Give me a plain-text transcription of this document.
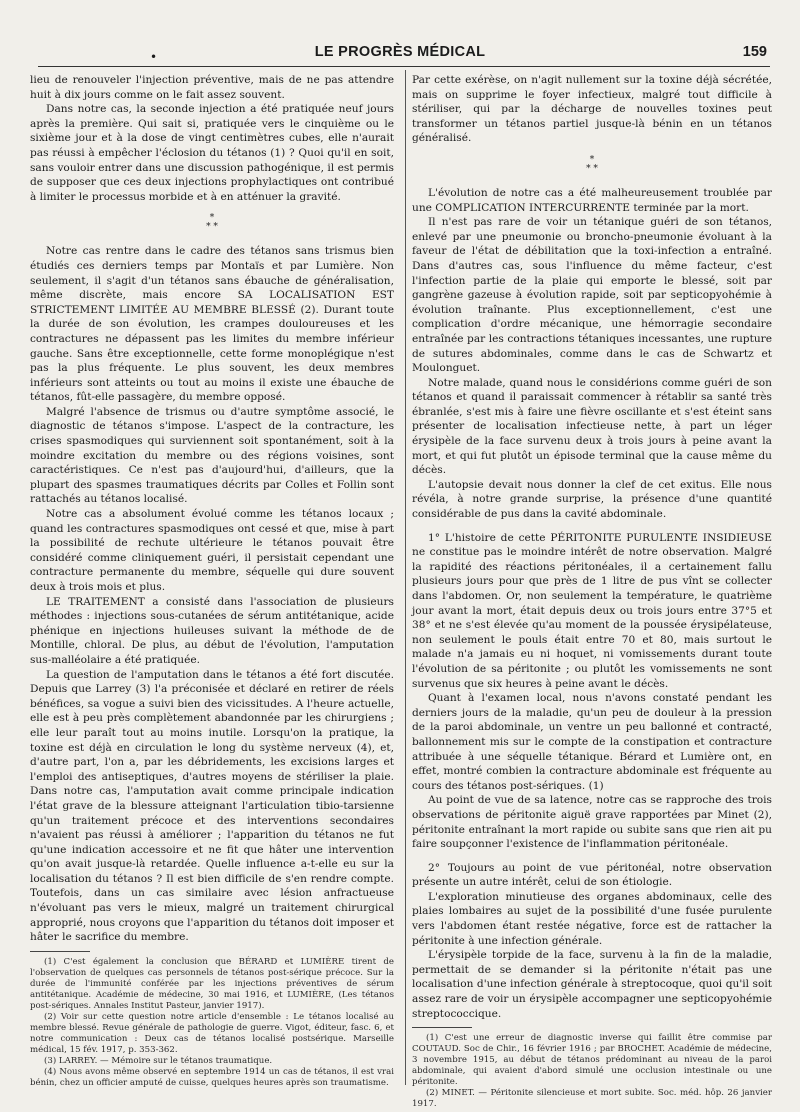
•	LE PROGRÈS MÉDICAL	159

lieu de renouveler l'injection préventive, mais de ne pas attendre huit à dix jours comme on le fait assez souvent.

Dans notre cas, la seconde injection a été pratiquée neuf jours après la première. Qui sait si, pratiquée vers le cinquième ou le sixième jour et à la dose de vingt centimètres cubes, elle n'aurait pas réussi à empêcher l'éclosion du tétanos (1) ? Quoi qu'il en soit, sans vouloir entrer dans une discussion pathogénique, il est permis de supposer que ces deux injections prophylactiques ont contribué à limiter le processus morbide et à en atténuer la gravité.

*
* *

Notre cas rentre dans le cadre des tétanos sans trismus bien étudiés ces derniers temps par Montaïs et par Lumière. Non seulement, il s'agit d'un tétanos sans ébauche de généralisation, même discrète, mais encore SA LOCALISATION EST STRICTEMENT LIMITÉE AU MEMBRE BLESSÉ (2). Durant toute la durée de son évolution, les crampes douloureuses et les contractures ne dépassent pas les limites du membre inférieur gauche. Sans être exceptionnelle, cette forme monoplégique n'est pas la plus fréquente. Le plus souvent, les deux membres inférieurs sont atteints ou tout au moins il existe une ébauche de tétanos, fût-elle passagère, du membre opposé.

Malgré l'absence de trismus ou d'autre symptôme associé, le diagnostic de tétanos s'impose. L'aspect de la contracture, les crises spasmodiques qui surviennent soit spontanément, soit à la moindre excitation du membre ou des régions voisines, sont caractéristiques. Ce n'est pas d'aujourd'hui, d'ailleurs, que la plupart des spasmes traumatiques décrits par Colles et Follin sont rattachés au tétanos localisé.

Notre cas a absolument évolué comme les tétanos locaux ; quand les contractures spasmodiques ont cessé et que, mise à part la possibilité de rechute ultérieure le tétanos pouvait être considéré comme cliniquement guéri, il persistait cependant une contracture permanente du membre, séquelle qui dure souvent deux à trois mois et plus.

LE TRAITEMENT a consisté dans l'association de plusieurs méthodes : injections sous-cutanées de sérum antitétanique, acide phénique en injections huileuses suivant la méthode de de Montille, chloral. De plus, au début de l'évolution, l'amputation sus-malléolaire a été pratiquée.

La question de l'amputation dans le tétanos a été fort discutée. Depuis que Larrey (3) l'a préconisée et déclaré en retirer de réels bénéfices, sa vogue a suivi bien des vicissitudes. A l'heure actuelle, elle est à peu près complètement abandonnée par les chirurgiens ; elle leur paraît tout au moins inutile. Lorsqu'on la pratique, la toxine est déjà en circulation le long du système nerveux (4), et, d'autre part, l'on a, par les débridements, les excisions larges et l'emploi des antiseptiques, d'autres moyens de stériliser la plaie. Dans notre cas, l'amputation avait comme principale indication l'état grave de la blessure atteignant l'articulation tibio-tarsienne qu'un traitement précoce et des interventions secondaires n'avaient pas réussi à améliorer ; l'apparition du tétanos ne fut qu'une indication accessoire et ne fit que hâter une intervention qu'on avait jusque-là retardée. Quelle influence a-t-elle eu sur la localisation du tétanos ? Il est bien difficile de s'en rendre compte. Toutefois, dans un cas similaire avec lésion anfractueuse n'évoluant pas vers le mieux, malgré un traitement chirurgical approprié, nous croyons que l'apparition du tétanos doit imposer et hâter le sacrifice du membre.

(1) C'est également la conclusion que BÉRARD et LUMIÈRE tirent de l'observation de quelques cas personnels de tétanos post-sérique précoce. Sur la durée de l'immunité conférée par les injections préventives de sérum antitétanique. Académie de médecine, 30 mai 1916, et LUMIÈRE, (Les tétanos post-sériques. Annales Institut Pasteur, janvier 1917).

(2) Voir sur cette question notre article d'ensemble : Le tétanos localisé au membre blessé. Revue générale de pathologie de guerre. Vigot, éditeur, fasc. 6, et notre communication : Deux cas de tétanos localisé postsérique. Marseille médical, 15 fév. 1917, p. 353-362.

(3) LARREY. — Mémoire sur le tétanos traumatique.

(4) Nous avons même observé en septembre 1914 un cas de tétanos, il est vrai bénin, chez un officier amputé de cuisse, quelques heures après son traumatisme.

Par cette exérèse, on n'agit nullement sur la toxine déjà sécrétée, mais on supprime le foyer infectieux, malgré tout difficile à stériliser, qui par la décharge de nouvelles toxines peut transformer un tétanos partiel jusque-là bénin en un tétanos généralisé.

*
* *

L'évolution de notre cas a été malheureusement troublée par une COMPLICATION INTERCURRENTE terminée par la mort.

Il n'est pas rare de voir un tétanique guéri de son tétanos, enlevé par une pneumonie ou broncho-pneumonie évoluant à la faveur de l'état de débilitation que la toxi-infection a entraîné. Dans d'autres cas, sous l'influence du même facteur, c'est l'infection partie de la plaie qui emporte le blessé, soit par gangrène gazeuse à évolution rapide, soit par septicopyohémie à évolution traînante. Plus exceptionnellement, c'est une complication d'ordre mécanique, une hémorragie secondaire entraînée par les contractions tétaniques incessantes, une rupture de sutures abdominales, comme dans le cas de Schwartz et Moulonguet.

Notre malade, quand nous le considérions comme guéri de son tétanos et quand il paraissait commencer à rétablir sa santé très ébranlée, s'est mis à faire une fièvre oscillante et s'est éteint sans présenter de localisation infectieuse nette, à part un léger érysipèle de la face survenu deux à trois jours à peine avant la mort, et qui fut plutôt un épisode terminal que la cause même du décès.

L'autopsie devait nous donner la clef de cet exitus. Elle nous révéla, à notre grande surprise, la présence d'une quantité considérable de pus dans la cavité abdominale.

1° L'histoire de cette PÉRITONITE PURULENTE INSIDIEUSE ne constitue pas le moindre intérêt de notre observation. Malgré la rapidité des réactions péritonéales, il a certainement fallu plusieurs jours pour que près de 1 litre de pus vînt se collecter dans l'abdomen. Or, non seulement la température, le quatrième jour avant la mort, était depuis deux ou trois jours entre 37°5 et 38° et ne s'est élevée qu'au moment de la poussée érysipélateuse, non seulement le pouls était entre 70 et 80, mais surtout le malade n'a jamais eu ni hoquet, ni vomissements durant toute l'évolution de sa péritonite ; ou plutôt les vomissements ne sont survenus que six heures à peine avant le décès.

Quant à l'examen local, nous n'avons constaté pendant les derniers jours de la maladie, qu'un peu de douleur à la pression de la paroi abdominale, un ventre un peu ballonné et contracté, ballonnement mis sur le compte de la constipation et contracture attribuée à une séquelle tétanique. Bérard et Lumière ont, en effet, montré combien la contracture abdominale est fréquente au cours des tétanos post-sériques. (1)

Au point de vue de sa latence, notre cas se rapproche des trois observations de péritonite aiguë grave rapportées par Minet (2), péritonite entraînant la mort rapide ou subite sans que rien ait pu faire soupçonner l'existence de l'inflammation péritonéale.

2° Toujours au point de vue péritonéal, notre observation présente un autre intérêt, celui de son étiologie.

L'exploration minutieuse des organes abdominaux, celle des plaies lombaires au sujet de la possibilité d'une fusée purulente vers l'abdomen étant restée négative, force est de rattacher la péritonite à une infection générale.

L'érysipèle torpide de la face, survenu à la fin de la maladie, permettait de se demander si la péritonite n'était pas une localisation d'une infection générale à streptocoque, quoi qu'il soit assez rare de voir un érysipèle accompagner une septicopyohémie streptococcique.

(1) C'est une erreur de diagnostic inverse qui faillit être commise par COUTAUD. Soc de Chir., 16 février 1916 ; par BROCHET. Académie de médecine, 3 novembre 1915, au début de tétanos prédominant au niveau de la paroi abdominale, qui avaient d'abord simulé une occlusion intestinale ou une péritonite.

(2) MINET. — Péritonite silencieuse et mort subite. Soc. méd. hôp. 26 janvier 1917.
